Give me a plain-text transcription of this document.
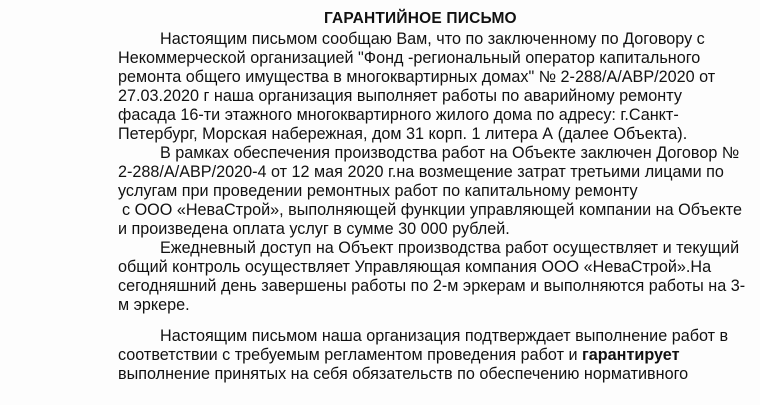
ГАРАНТИЙНОЕ ПИСЬМО
Настоящим письмом сообщаю Вам, что по заключенному по Договору с
Некоммерческой организацией "Фонд -региональный оператор капитального
ремонта общего имущества в многоквартирных домах" № 2-288/А/АВР/2020 от
27.03.2020 г наша организация выполняет работы по аварийному ремонту
фасада 16-ти этажного многоквартирного жилого дома по адресу: г.Санкт-
Петербург, Морская набережная, дом 31 корп. 1 литера А (далее Объекта).
В рамках обеспечения производства работ на Объекте заключен Договор №
2-288/А/АВР/2020-4 от 12 мая 2020 г.на возмещение затрат третьими лицами по
услугам при проведении ремонтных работ по капитальному ремонту
с ООО «НеваСтрой», выполняющей функции управляющей компании на Объекте
и произведена оплата услуг в сумме 30 000 рублей.
Ежедневный доступ на Объект производства работ осуществляет и текущий
общий контроль осуществляет Управляющая компания ООО «НеваСтрой».На
сегодняшний день завершены работы по 2-м эркерам и выполняются работы на 3-
м эркере.
Настоящим письмом наша организация подтверждает выполнение работ в
соответствии с требуемым регламентом проведения работ и гарантирует
выполнение принятых на себя обязательств по обеспечению нормативного
